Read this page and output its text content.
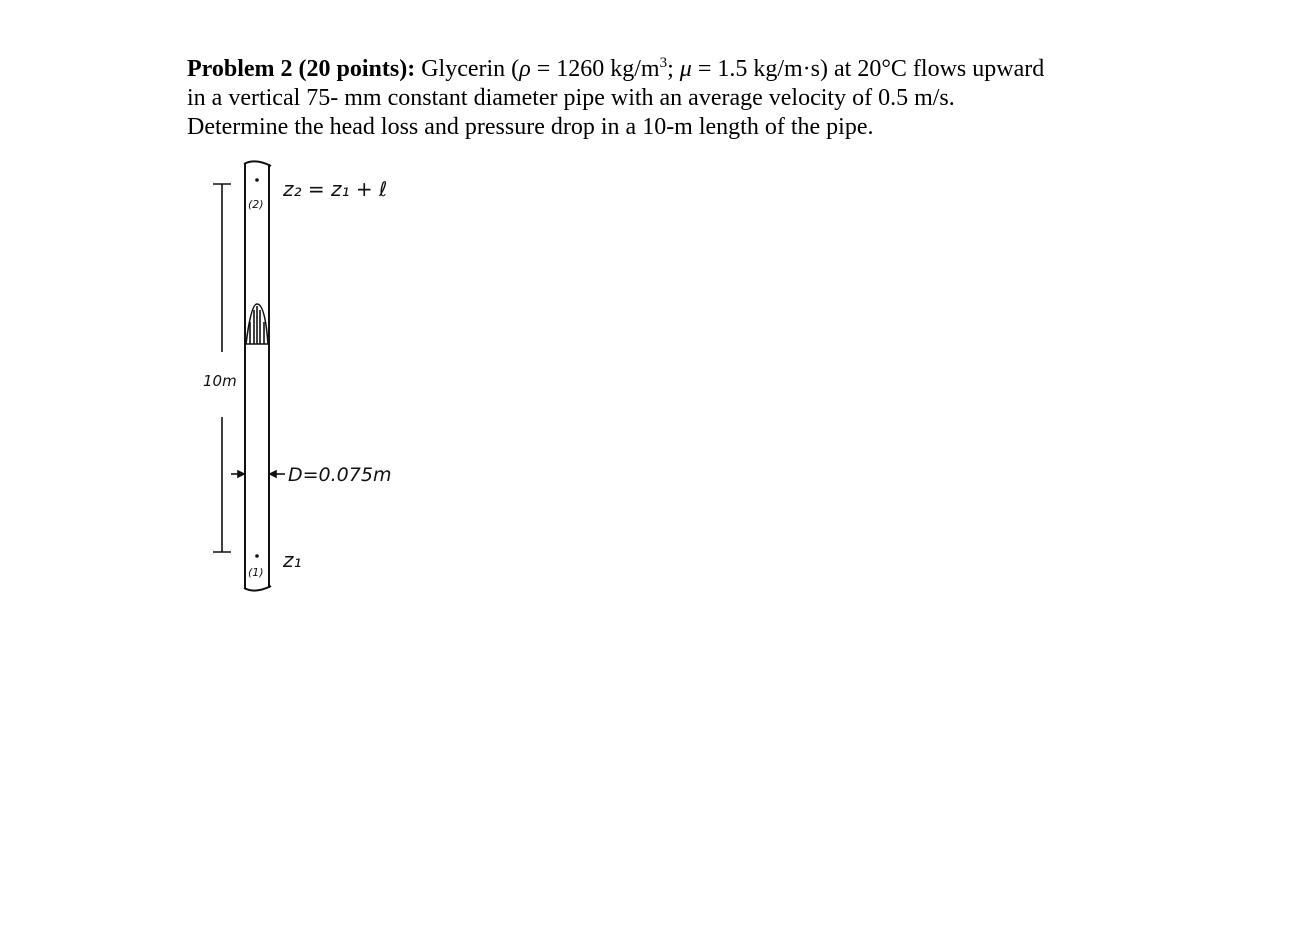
Problem 2 (20 points): Glycerin (ρ = 1260 $kg/m^3$; μ = 1.5 kg/m·s) at 20°C flows upward
in a vertical 75- mm constant diameter pipe with an average velocity of 0.5 m/s.
Determine the head loss and pressure drop in a 10-m length of the pipe.
(2)
(1)
10m
D=0.075m
z₂ = z₁ + ℓ
z₁
